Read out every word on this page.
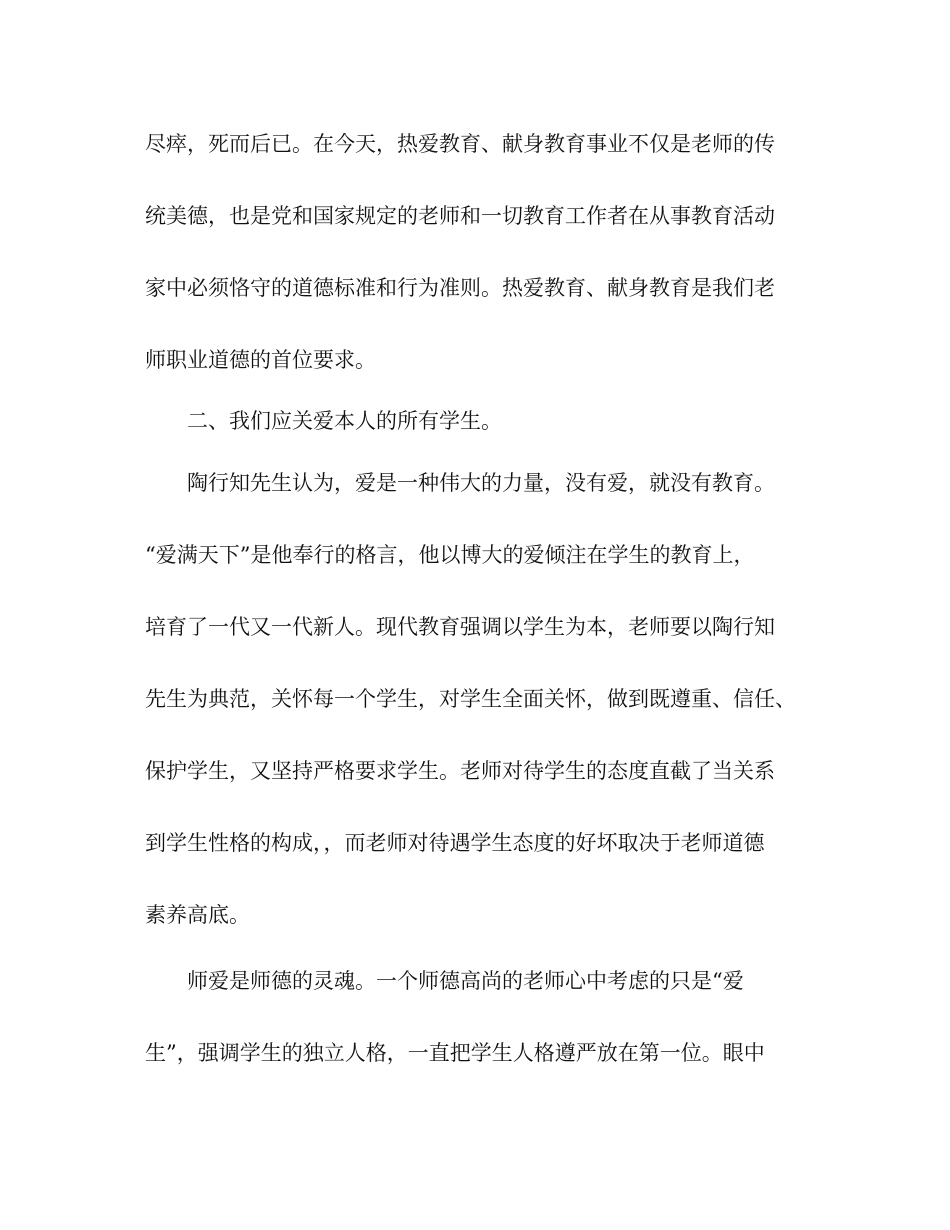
尽瘁，死而后已。在今天，热爱教育、献身教育事业不仅是老师的传

统美德，也是党和国家规定的老师和一切教育工作者在从事教育活动

家中必须恪守的道德标准和行为准则。热爱教育、献身教育是我们老

师职业道德的首位要求。

二、我们应关爱本人的所有学生。

陶行知先生认为，爱是一种伟大的力量，没有爱，就没有教育。

“爱满天下”是他奉行的格言，他以博大的爱倾注在学生的教育上，

培育了一代又一代新人。现代教育强调以学生为本，老师要以陶行知

先生为典范，关怀每一个学生，对学生全面关怀，做到既遵重、信任、

保护学生，又坚持严格要求学生。老师对待学生的态度直截了当关系

到学生性格的构成，，而老师对待遇学生态度的好坏取决于老师道德

素养高底。

师爱是师德的灵魂。一个师德高尚的老师心中考虑的只是“爱

生”，强调学生的独立人格，一直把学生人格遵严放在第一位。眼中
